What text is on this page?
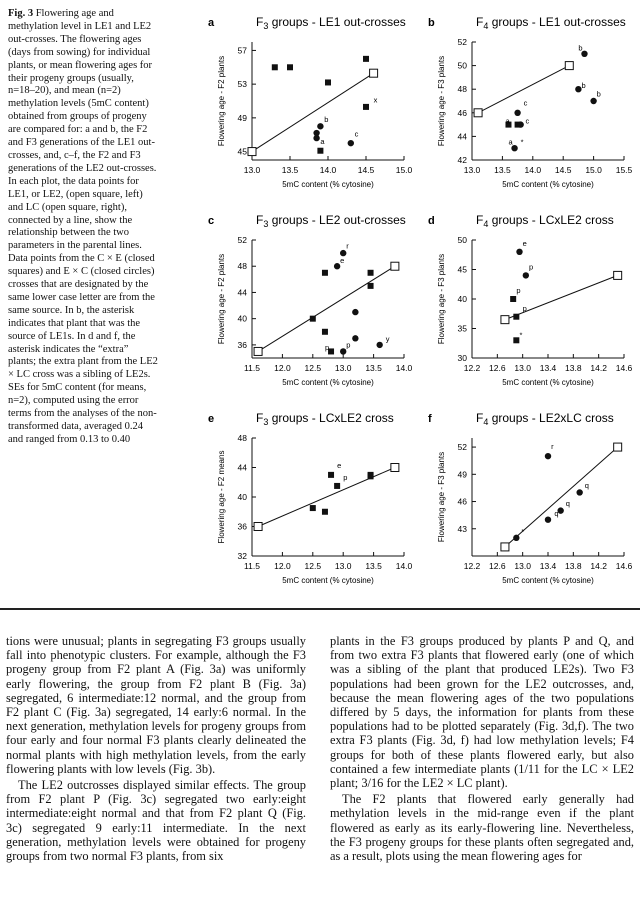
Fig. 3 Flowering age and methylation level in LE1 and LE2 out-crosses. The flowering ages (days from sowing) for individual plants, or mean flowering ages for their progeny groups (usually, n=18–20), and mean (n=2) methylation levels (5mC content) obtained from groups of progeny are compared for: a and b, the F2 and F3 generations of the LE1 out-crosses, and, c–f, the F2 and F3 generations of the LE2 out-crosses. In each plot, the data points for LE1, or LE2, (open square, left) and LC (open square, right), connected by a line, show the relationship between the two parameters in the parental lines. Data points from the C × E (closed squares) and E × C (closed circles) crosses that are designated by the same lower case letter are from the same source. In b, the asterisk indicates that plant that was the source of LE1s. In d and f, the asterisk indicates the “extra” plants; the extra plant from the LE2 × LC cross was a sibling of LE2s. SEs for 5mC content (for means, n=2), computed using the error terms from the analyses of the non-transformed data, averaged 0.24 and ranged from 0.13 to 0.40
a	$F_3$ groups - LE1 out-crosses
13.0	13.5	14.0	14.5	15.0
45
49
53
57
5mC content (% cytosine)
Flowering age - F2 plants	x
b
a
c
b	$F_4$ groups - LE1 out-crosses
13.0 13.5 14.0 14.5 15.0 15.5
42
44
46
48
50
52
5mC content (% cytosine)
Flowering age - F3 plants	a
c
c
b
b
b
a *
c	$F_3$ groups - LE2 out-crosses
11.5 12.0 12.5 13.0 13.5 14.0
36
40
44
48
52
5mC content (% cytosine)
Flowering age - F2 plants	e
r
p p
y
d	$F_4$ groups - LCxLE2 cross
12.2 12.6 13.0 13.4 13.8 14.2 14.6
30
35
40
45
50
5mC content (% cytosine)
Flowering age - F3 plants
e
p
p
p
*
e	$F_3$ groups - LCxLE2 cross
11.5 12.0 12.5 13.0 13.5 14.0
32
36
40
44
48
5mC content (% cytosine)
Flowering age - F2 means	e
p
f	$F_4$ groups - LE2xLC cross
12.2 12.6 13.0 13.4 13.8 14.2 14.6
43
46
49
52
5mC content (% cytosine)
Flowering age - F3 plants
r
q
q
q
*

tions were unusual; plants in segregating F3 groups usually fall into phenotypic clusters. For example, although the F3 progeny group from F2 plant A (Fig. 3a) was uniformly early flowering, the group from F2 plant B (Fig. 3a) segregated, 6 intermediate:12 normal, and the group from F2 plant C (Fig. 3a) segregated, 14 early:6 normal. In the next generation, methylation levels for progeny groups from four early and four normal F3 plants clearly delineated the normal plants with high methylation levels, from the early flowering plants with low levels (Fig. 3b).

The LE2 outcrosses displayed similar effects. The group from F2 plant P (Fig. 3c) segregated two early:eight intermediate:eight normal and that from F2 plant Q (Fig. 3c) segregated 9 early:11 intermediate. In the next generation, methylation levels were obtained for progeny groups from two normal F3 plants, from six

plants in the F3 groups produced by plants P and Q, and from two extra F3 plants that flowered early (one of which was a sibling of the plant that produced LE2s). Two F3 populations had been grown for the LE2 outcrosses, and, because the mean flowering ages of the two populations differed by 5 days, the information for plants from these populations had to be plotted separately (Fig. 3d,f). The two extra F3 plants (Fig. 3d, f) had low methylation levels; F4 groups for both of these plants flowered early, but also contained a few intermediate plants (1/11 for the LC × LE2 plant; 3/16 for the LE2 × LC plant).

The F2 plants that flowered early generally had methylation levels in the mid-range even if the plant flowered as early as its early-flowering line. Nevertheless, the F3 progeny groups for these plants often segregated and, as a result, plots using the mean flowering ages for
